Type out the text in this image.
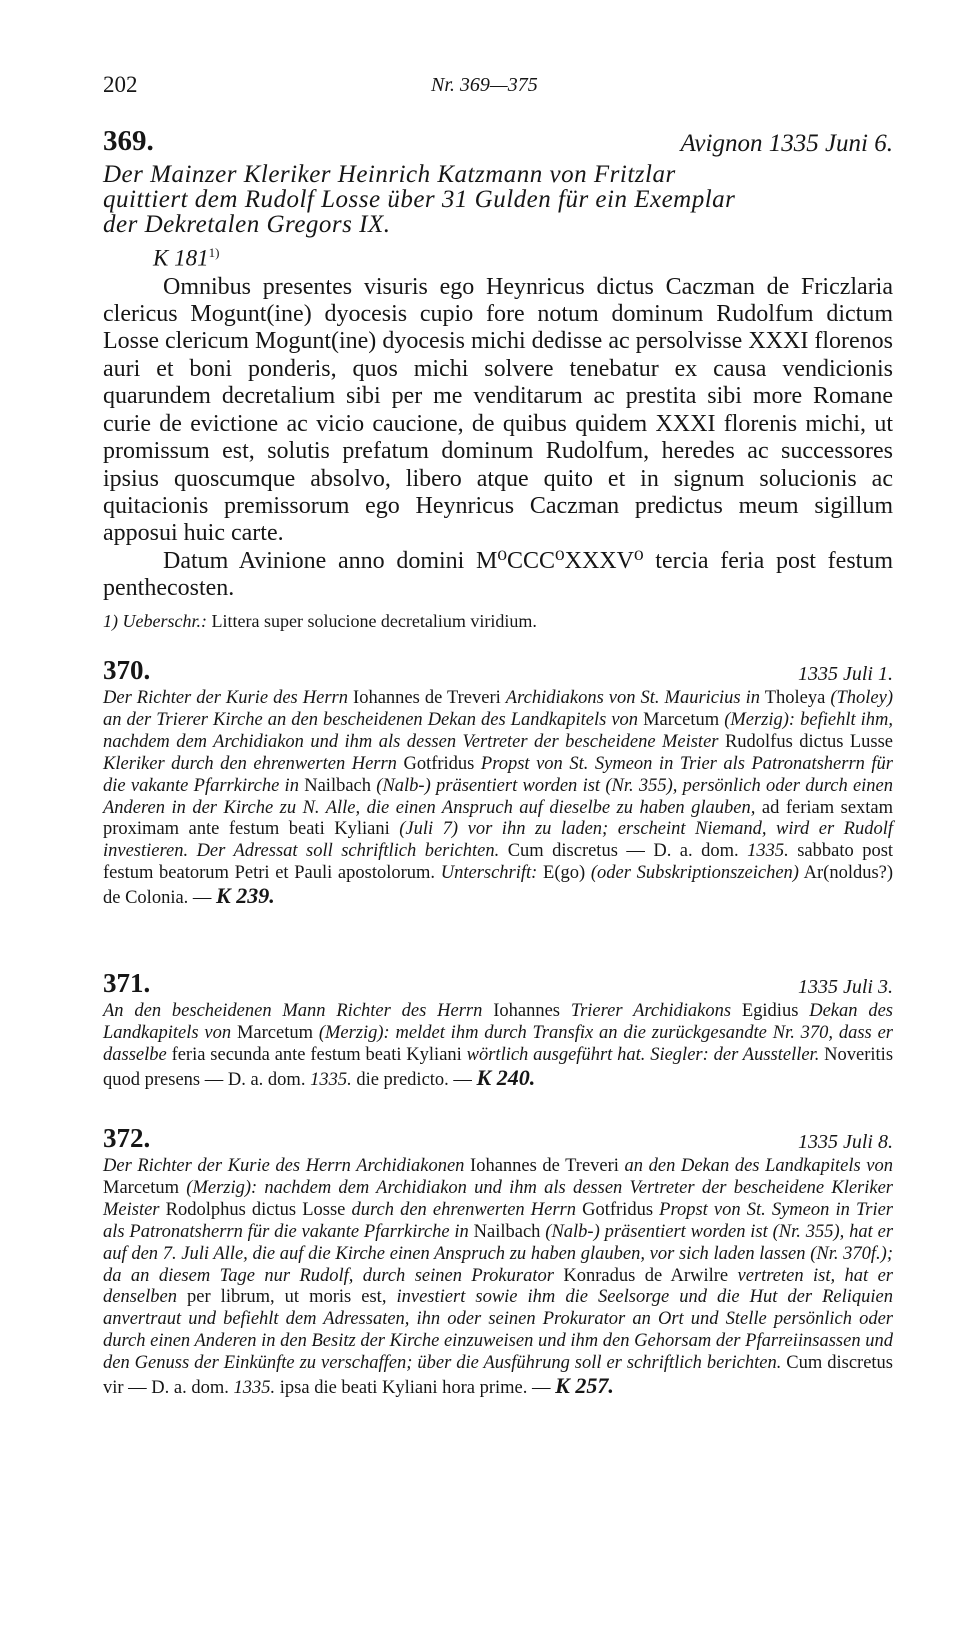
202	Nr. 369—375
369.	Avignon 1335 Juni 6.
Der Mainzer Kleriker Heinrich Katzmann von Fritzlar
quittiert dem Rudolf Losse über 31 Gulden für ein Exemplar
der Dekretalen Gregors IX.
K 181$^{1)}$

Omnibus presentes visuris ego Heynricus dictus Caczman de Friczlaria clericus Mogunt(ine) dyocesis cupio fore notum dominum Rudolfum dictum Losse clericum Mogunt(ine) dyocesis michi dedisse ac persolvisse XXXI florenos auri et boni ponderis, quos michi solvere tenebatur ex causa vendicionis quarundem decretalium sibi per me venditarum ac prestita sibi more Romane curie de evictione ac vicio caucione, de quibus quidem XXXI florenis michi, ut promissum est, solutis prefatum dominum Rudolfum, heredes ac successores ipsius quoscumque absolvo, libero atque quito et in signum solucionis ac quitacionis premissorum ego Heynricus Caczman predictus meum sigillum apposui huic carte.

Datum Avinione anno domini M⁰CCC⁰XXXV⁰ tercia feria post festum penthecosten.

1) Ueberschr.: Littera super solucione decretalium viridium.
370.	1335 Juli 1.
Der Richter der Kurie des Herrn Iohannes de Treveri Archidiakons von St. Mauricius in Tholeya (Tholey) an der Trierer Kirche an den bescheidenen Dekan des Landkapitels von Marcetum (Merzig): befiehlt ihm, nachdem dem Archidiakon und ihm als dessen Vertreter der bescheidene Meister Rudolfus dictus Lusse Kleriker durch den ehrenwerten Herrn Gotfridus Propst von St. Symeon in Trier als Patronatsherrn für die vakante Pfarrkirche in Nailbach (Nalb-) präsentiert worden ist (Nr. 355), persönlich oder durch einen Anderen in der Kirche zu N. Alle, die einen Anspruch auf dieselbe zu haben glauben, ad feriam sextam proximam ante festum beati Kyliani (Juli 7) vor ihn zu laden; erscheint Niemand, wird er Rudolf investieren. Der Adressat soll schriftlich berichten. Cum discretus — D. a. dom. 1335. sabbato post festum beatorum Petri et Pauli apostolorum. Unterschrift: E(go) (oder Subskriptionszeichen) Ar(noldus?) de Colonia. — K 239.
371.	1335 Juli 3.
An den bescheidenen Mann Richter des Herrn Iohannes Trierer Archidiakons Egidius Dekan des Landkapitels von Marcetum (Merzig): meldet ihm durch Transfix an die zurückgesandte Nr. 370, dass er dasselbe feria secunda ante festum beati Kyliani wörtlich ausgeführt hat. Siegler: der Aussteller. Noveritis quod presens — D. a. dom. 1335. die predicto. — K 240.
372.	1335 Juli 8.
Der Richter der Kurie des Herrn Archidiakonen Iohannes de Treveri an den Dekan des Landkapitels von Marcetum (Merzig): nachdem dem Archidiakon und ihm als dessen Vertreter der bescheidene Kleriker Meister Rodolphus dictus Losse durch den ehrenwerten Herrn Gotfridus Propst von St. Symeon in Trier als Patronatsherrn für die vakante Pfarrkirche in Nailbach (Nalb-) präsentiert worden ist (Nr. 355), hat er auf den 7. Juli Alle, die auf die Kirche einen Anspruch zu haben glauben, vor sich laden lassen (Nr. 370f.); da an diesem Tage nur Rudolf, durch seinen Prokurator Konradus de Arwilre vertreten ist, hat er denselben per librum, ut moris est, investiert sowie ihm die Seelsorge und die Hut der Reliquien anvertraut und befiehlt dem Adressaten, ihn oder seinen Prokurator an Ort und Stelle persönlich oder durch einen Anderen in den Besitz der Kirche einzuweisen und ihm den Gehorsam der Pfarreiinsassen und den Genuss der Einkünfte zu verschaffen; über die Ausführung soll er schriftlich berichten. Cum discretus vir — D. a. dom. 1335. ipsa die beati Kyliani hora prime. — K 257.
